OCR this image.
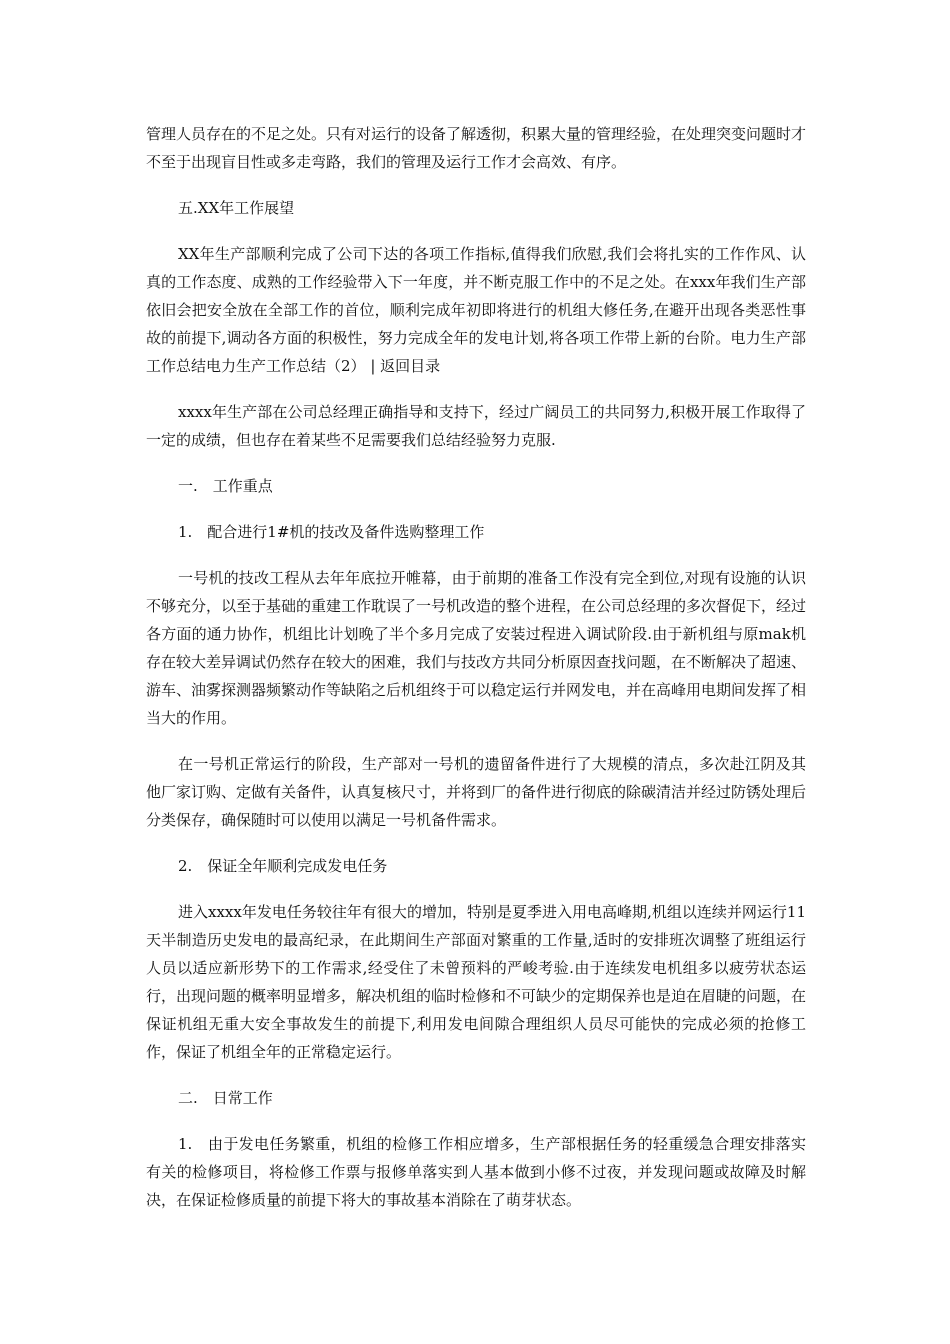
管理人员存在的不足之处。只有对运行的设备了解透彻，积累大量的管理经验，在处理突变问题时才不至于出现盲目性或多走弯路，我们的管理及运行工作才会高效、有序。

五.XX年工作展望

XX年生产部顺利完成了公司下达的各项工作指标,值得我们欣慰,我们会将扎实的工作作风、认真的工作态度、成熟的工作经验带入下一年度，并不断克服工作中的不足之处。在xxx年我们生产部依旧会把安全放在全部工作的首位，顺利完成年初即将进行的机组大修任务,在避开出现各类恶性事故的前提下,调动各方面的积极性，努力完成全年的发电计划,将各项工作带上新的台阶。电力生产部工作总结电力生产工作总结（2） | 返回目录

xxxx年生产部在公司总经理正确指导和支持下，经过广阔员工的共同努力,积极开展工作取得了一定的成绩，但也存在着某些不足需要我们总结经验努力克服.

一.　工作重点

1.　配合进行1#机的技改及备件选购整理工作

一号机的技改工程从去年年底拉开帷幕，由于前期的准备工作没有完全到位,对现有设施的认识不够充分，以至于基础的重建工作耽误了一号机改造的整个进程，在公司总经理的多次督促下，经过各方面的通力协作，机组比计划晚了半个多月完成了安装过程进入调试阶段.由于新机组与原mak机存在较大差异调试仍然存在较大的困难，我们与技改方共同分析原因查找问题，在不断解决了超速、游车、油雾探测器频繁动作等缺陷之后机组终于可以稳定运行并网发电，并在高峰用电期间发挥了相当大的作用。

在一号机正常运行的阶段，生产部对一号机的遗留备件进行了大规模的清点，多次赴江阴及其他厂家订购、定做有关备件，认真复核尺寸，并将到厂的备件进行彻底的除碳清洁并经过防锈处理后分类保存，确保随时可以使用以满足一号机备件需求。

2.　保证全年顺利完成发电任务

进入xxxx年发电任务较往年有很大的增加，特别是夏季进入用电高峰期,机组以连续并网运行11天半制造历史发电的最高纪录，在此期间生产部面对繁重的工作量,适时的安排班次调整了班组运行人员以适应新形势下的工作需求,经受住了未曾预料的严峻考验.由于连续发电机组多以疲劳状态运行，出现问题的概率明显增多，解决机组的临时检修和不可缺少的定期保养也是迫在眉睫的问题，在保证机组无重大安全事故发生的前提下,利用发电间隙合理组织人员尽可能快的完成必须的抢修工作，保证了机组全年的正常稳定运行。

二.　日常工作

1.　由于发电任务繁重，机组的检修工作相应增多，生产部根据任务的轻重缓急合理安排落实有关的检修项目，将检修工作票与报修单落实到人基本做到小修不过夜，并发现问题或故障及时解决，在保证检修质量的前提下将大的事故基本消除在了萌芽状态。
